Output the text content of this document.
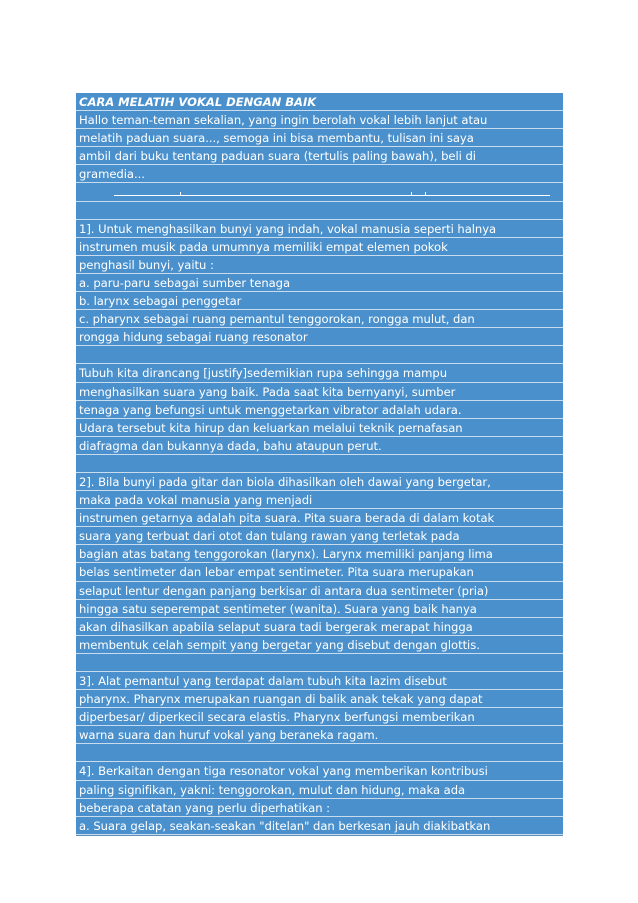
CARA MELATIH VOKAL DENGAN BAIK
Hallo teman-teman sekalian, yang ingin berolah vokal lebih lanjut atau
melatih paduan suara..., semoga ini bisa membantu, tulisan ini saya
ambil dari buku tentang paduan suara (tertulis paling bawah), beli di
gramedia...
1]. Untuk menghasilkan bunyi yang indah, vokal manusia seperti halnya
instrumen musik pada umumnya memiliki empat elemen pokok
penghasil bunyi, yaitu :
a. paru-paru sebagai sumber tenaga
b. larynx sebagai penggetar
c. pharynx sebagai ruang pemantul tenggorokan, rongga mulut, dan
rongga hidung sebagai ruang resonator
Tubuh kita dirancang [justify]sedemikian rupa sehingga mampu
menghasilkan suara yang baik. Pada saat kita bernyanyi, sumber
tenaga yang befungsi untuk menggetarkan vibrator adalah udara.
Udara tersebut kita hirup dan keluarkan melalui teknik pernafasan
diafragma dan bukannya dada, bahu ataupun perut.
2]. Bila bunyi pada gitar dan biola dihasilkan oleh dawai yang bergetar,
maka pada vokal manusia yang menjadi
instrumen getarnya adalah pita suara. Pita suara berada di dalam kotak
suara yang terbuat dari otot dan tulang rawan yang terletak pada
bagian atas batang tenggorokan (larynx). Larynx memiliki panjang lima
belas sentimeter dan lebar empat sentimeter. Pita suara merupakan
selaput lentur dengan panjang berkisar di antara dua sentimeter (pria)
hingga satu seperempat sentimeter (wanita). Suara yang baik hanya
akan dihasilkan apabila selaput suara tadi bergerak merapat hingga
membentuk celah sempit yang bergetar yang disebut dengan glottis.
3]. Alat pemantul yang terdapat dalam tubuh kita lazim disebut
pharynx. Pharynx merupakan ruangan di balik anak tekak yang dapat
diperbesar/ diperkecil secara elastis. Pharynx berfungsi memberikan
warna suara dan huruf vokal yang beraneka ragam.
4]. Berkaitan dengan tiga resonator vokal yang memberikan kontribusi
paling signifikan, yakni: tenggorokan, mulut dan hidung, maka ada
beberapa catatan yang perlu diperhatikan :
a. Suara gelap, seakan-seakan "ditelan" dan berkesan jauh diakibatkan
